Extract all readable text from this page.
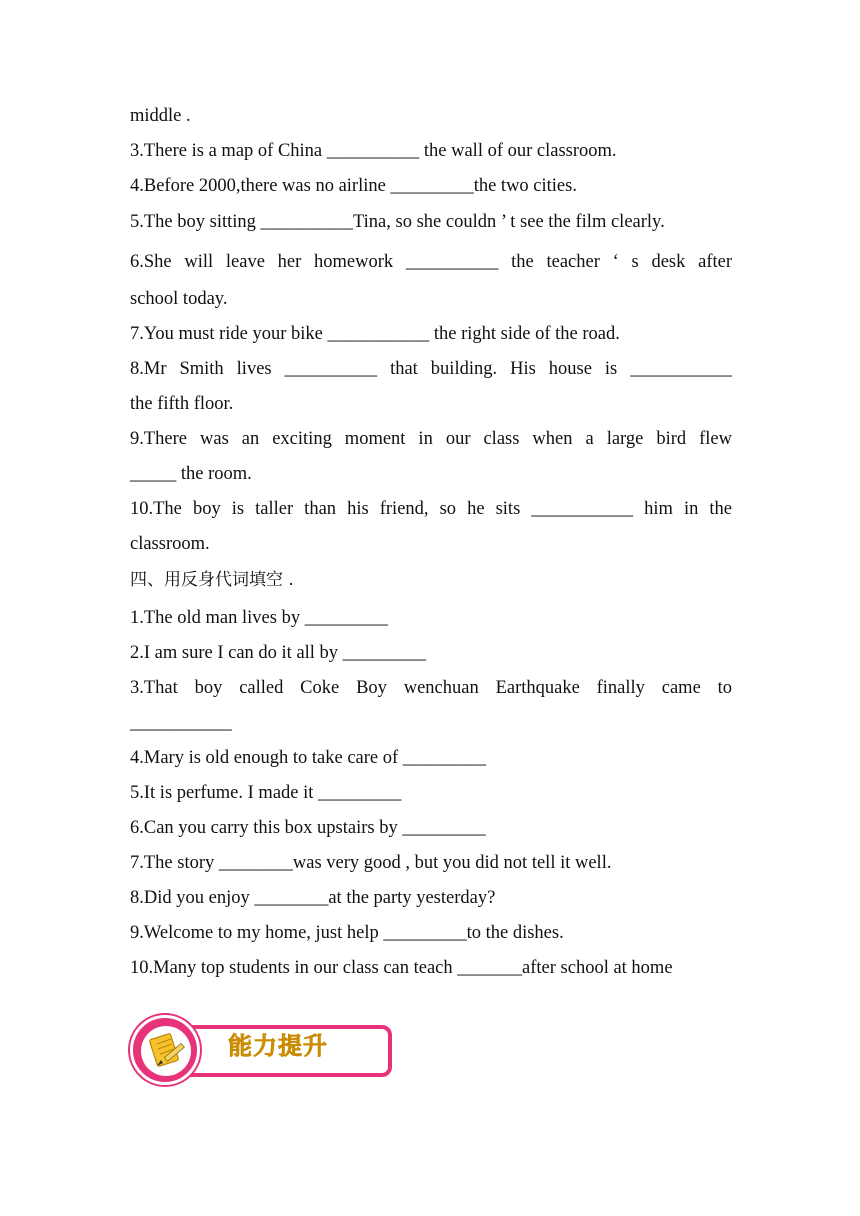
middle .
3.There is a map of China __________ the wall of our classroom.
4.Before 2000,there was no airline _________the two cities.
5.The boy sitting __________Tina, so she couldn ’ t see the film clearly.
6.She will leave her homework __________ the teacher ‘ s desk after
school today.
7.You must ride your bike ___________ the right side of the road.
8.Mr Smith lives __________ that building. His house is ___________
the fifth floor.
9.There was an exciting moment in our class when a large bird flew
_____ the room.
10.The boy is taller than his friend, so he sits ___________ him in the
classroom.
四、用反身代词填空 .
1.The old man lives by _________
2.I am sure I can do it all by _________
3.That boy called Coke Boy wenchuan Earthquake finally came to
___________
4.Mary is old enough to take care of _________
5.It is perfume. I made it _________
6.Can you carry this box upstairs by _________
7.The story ________was very good , but you did not tell it well.
8.Did you enjoy ________at the party yesterday?
9.Welcome to my home, just help _________to the dishes.
10.Many top students in our class can teach _______after school at home
能力提升
